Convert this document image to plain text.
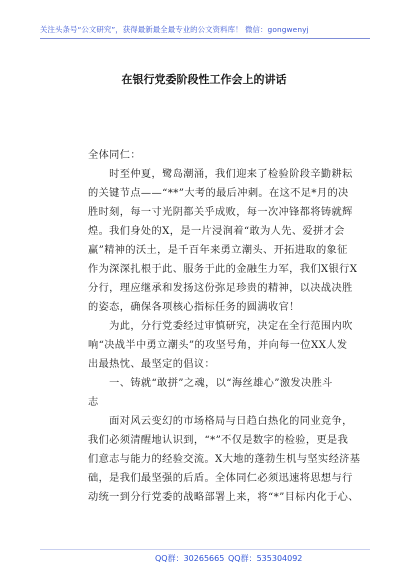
关注头条号“公文研究”，获得最新最全最专业的公文资料库！ 微信：gongwenyj
在银行党委阶段性工作会上的讲话
全体同仁：
　　时至仲夏，鹭岛潮涌，我们迎来了检验阶段辛勤耕耘
的关键节点——“**”大考的最后冲刺。在这不足*月的决
胜时刻，每一寸光阴都关乎成败，每一次冲锋都将铸就辉
煌。我们身处的X，是一片浸润着“敢为人先、爱拼才会
赢”精神的沃土，是千百年来勇立潮头、开拓进取的象征
作为深深扎根于此、服务于此的金融生力军，我们X银行X
分行，理应继承和发扬这份弥足珍贵的精神，以决战决胜
的姿态，确保各项核心指标任务的圆满收官！
　　为此，分行党委经过审慎研究，决定在全行范围内吹
响“决战半中勇立潮头”的攻坚号角，并向每一位XX人发
出最热忱、最坚定的倡议：
　　一、铸就“敢拼”之魂，以“海丝雄心”激发决胜斗
志
　　面对风云变幻的市场格局与日趋白热化的同业竞争，
我们必须清醒地认识到，“*”不仅是数字的检验，更是我
们意志与能力的经验交流。X大地的蓬勃生机与坚实经济基
础，是我们最坚强的后盾。全体同仁必须迅速将思想与行
动统一到分行党委的战略部署上来，将“*”目标内化于心、
QQ群：30265665 QQ群：535304092
